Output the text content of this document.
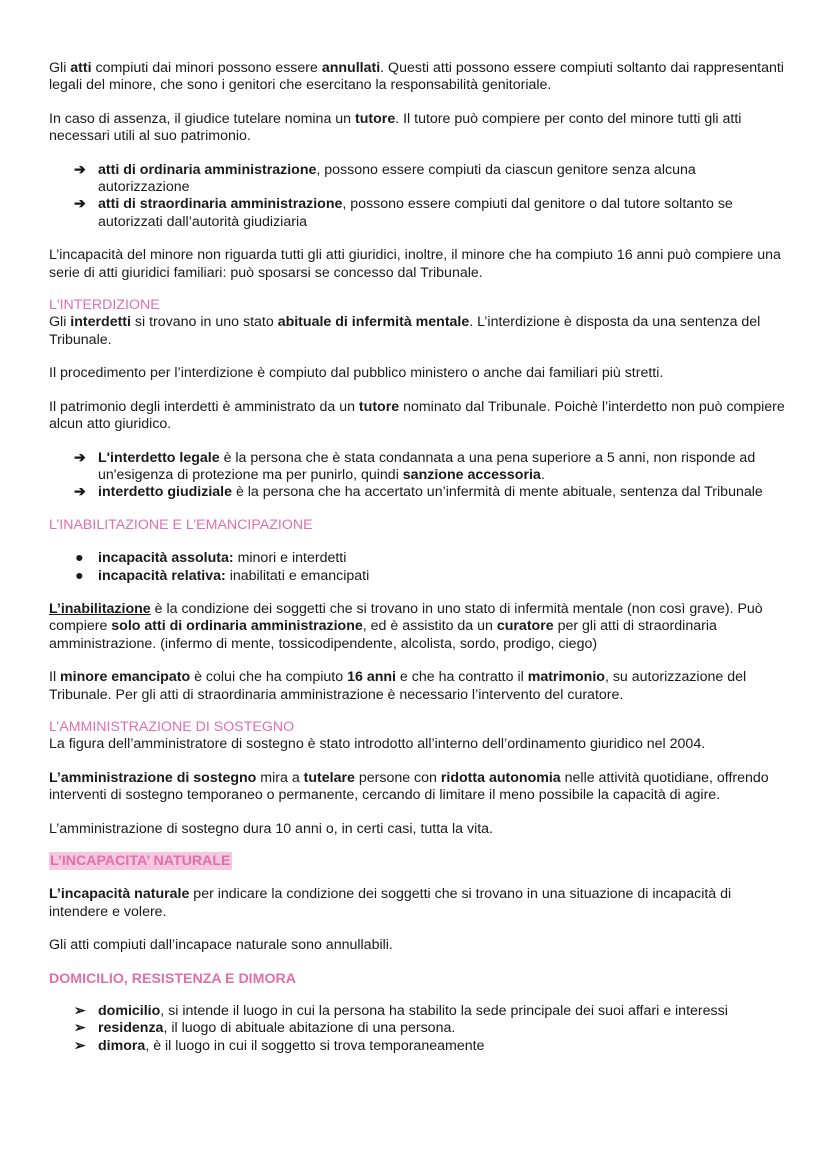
Gli atti compiuti dai minori possono essere annullati. Questi atti possono essere compiuti soltanto dai rappresentanti legali del minore, che sono i genitori che esercitano la responsabilità genitoriale.

In caso di assenza, il giudice tutelare nomina un tutore. Il tutore può compiere per conto del minore tutti gli atti necessari utili al suo patrimonio.

➔ atti di ordinaria amministrazione, possono essere compiuti da ciascun genitore senza alcuna autorizzazione
➔ atti di straordinaria amministrazione, possono essere compiuti dal genitore o dal tutore soltanto se autorizzati dall’autorità giudiziaria

L’incapacità del minore non riguarda tutti gli atti giuridici, inoltre, il minore che ha compiuto 16 anni può compiere una serie di atti giuridici familiari: può sposarsi se concesso dal Tribunale.

L'INTERDIZIONE

Gli interdetti si trovano in uno stato abituale di infermità mentale. L’interdizione è disposta da una sentenza del Tribunale.

Il procedimento per l’interdizione è compiuto dal pubblico ministero o anche dai familiari più stretti.

Il patrimonio degli interdetti è amministrato da un tutore nominato dal Tribunale. Poichè l’interdetto non può compiere alcun atto giuridico.

➔ L'interdetto legale è la persona che è stata condannata a una pena superiore a 5 anni, non risponde ad un'esigenza di protezione ma per punirlo, quindi sanzione accessoria.
➔ interdetto giudiziale è la persona che ha accertato un’infermità di mente abituale, sentenza dal Tribunale

L’INABILITAZIONE E L’EMANCIPAZIONE

● incapacità assoluta: minori e interdetti
● incapacità relativa: inabilitati e emancipati

L’inabilitazione è la condizione dei soggetti che si trovano in uno stato di infermità mentale (non così grave). Può compiere solo atti di ordinaria amministrazione, ed è assistito da un curatore per gli atti di straordinaria amministrazione. (infermo di mente, tossicodipendente, alcolista, sordo, prodigo, ciego)

Il minore emancipato è colui che ha compiuto 16 anni e che ha contratto il matrimonio, su autorizzazione del Tribunale. Per gli atti di straordinaria amministrazione è necessario l’intervento del curatore.

L’AMMINISTRAZIONE DI SOSTEGNO

La figura dell’amministratore di sostegno è stato introdotto all’interno dell’ordinamento giuridico nel 2004.

L’amministrazione di sostegno mira a tutelare persone con ridotta autonomia nelle attività quotidiane, offrendo interventi di sostegno temporaneo o permanente, cercando di limitare il meno possibile la capacità di agire.

L’amministrazione di sostegno dura 10 anni o, in certi casi, tutta la vita.

L’INCAPACITA’ NATURALE

L’incapacità naturale per indicare la condizione dei soggetti che si trovano in una situazione di incapacità di intendere e volere.

Gli atti compiuti dall’incapace naturale sono annullabili.

DOMICILIO, RESISTENZA E DIMORA

➢ domicilio, si intende il luogo in cui la persona ha stabilito la sede principale dei suoi affari e interessi
➢ residenza, il luogo di abituale abitazione di una persona.
➢ dimora, è il luogo in cui il soggetto si trova temporaneamente
